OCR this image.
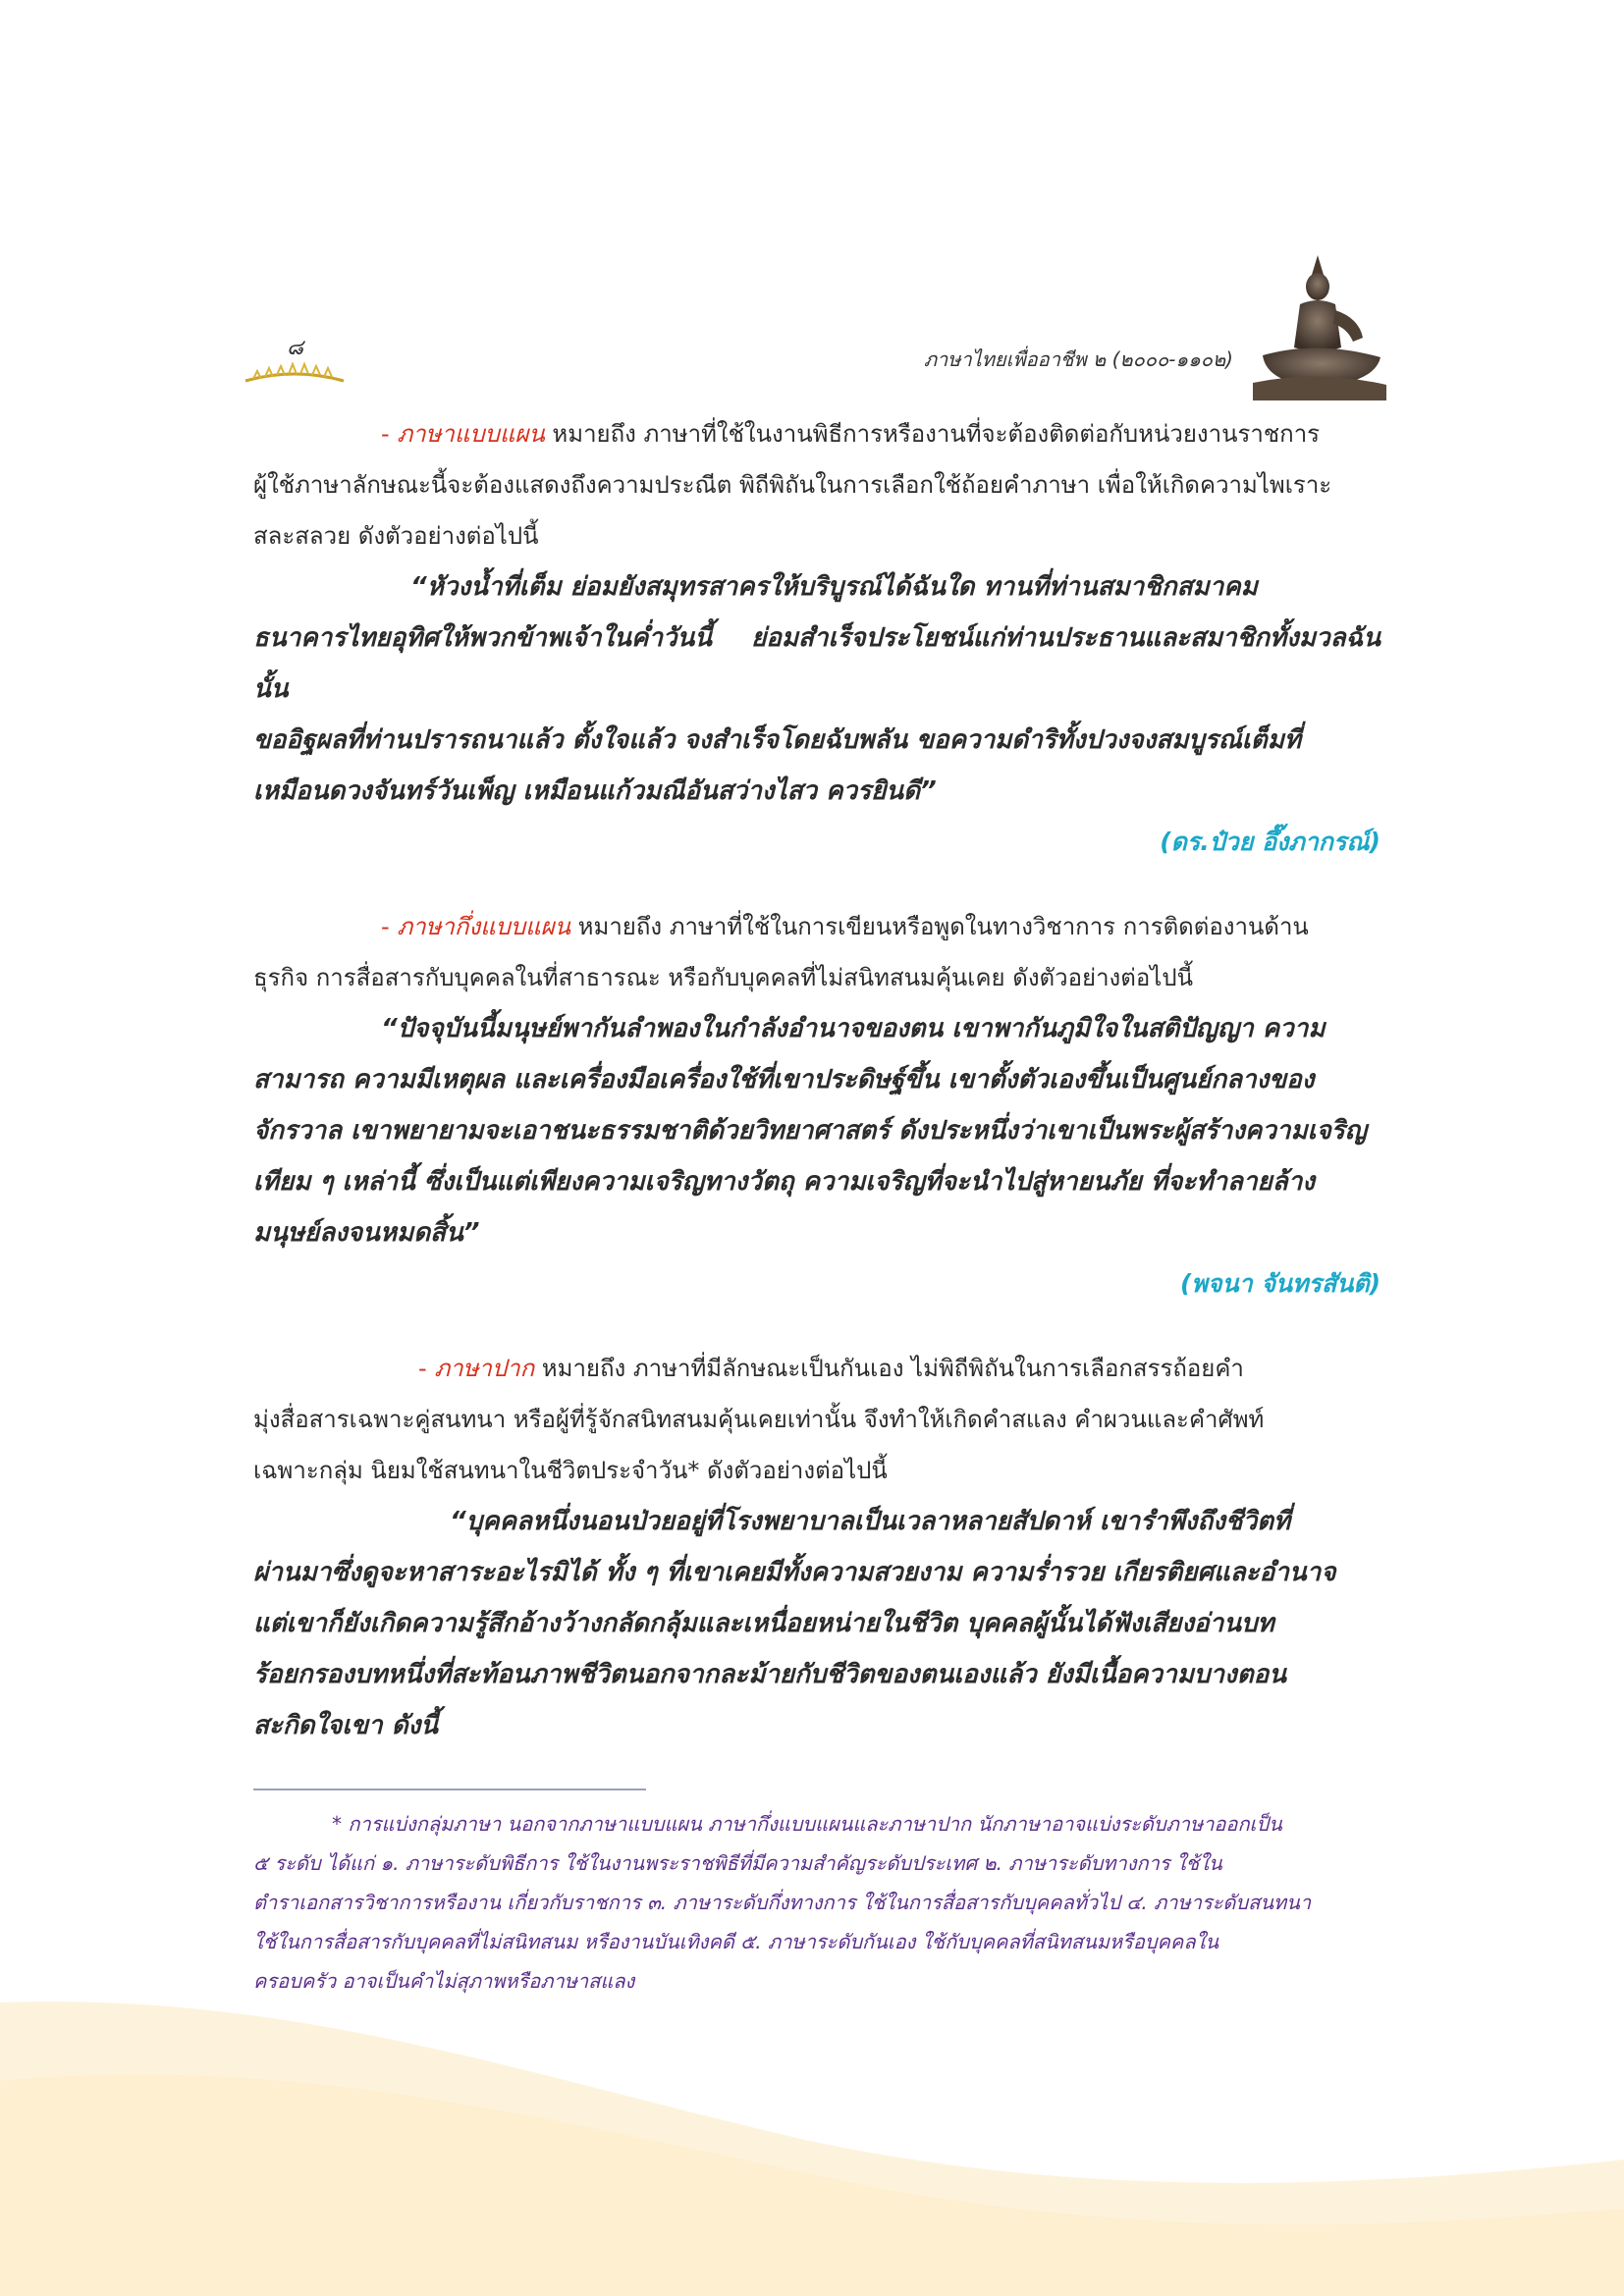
๘	ภาษาไทยเพื่ออาชีพ ๒ (๒๐๐๐-๑๑๐๒)

- ภาษาแบบแผน หมายถึง ภาษาที่ใช้ในงานพิธีการหรืองานที่จะต้องติดต่อกับหน่วยงานราชการ

ผู้ใช้ภาษาลักษณะนี้จะต้องแสดงถึงความประณีต พิถีพิถันในการเลือกใช้ถ้อยคำภาษา เพื่อให้เกิดความไพเราะ

สละสลวย ดังตัวอย่างต่อไปนี้

“หัวงน้ำที่เต็ม ย่อมยังสมุทรสาครให้บริบูรณ์ได้ฉันใด ทานที่ท่านสมาชิกสมาคม

ธนาคารไทยอุทิศให้พวกข้าพเจ้าในค่ำวันนี้ ย่อมสำเร็จประโยชน์แก่ท่านประธานและสมาชิกทั้งมวลฉันนั้น

ขออิฐผลที่ท่านปรารถนาแล้ว ตั้งใจแล้ว จงสำเร็จโดยฉับพลัน ขอความดำริทั้งปวงจงสมบูรณ์เต็มที่

เหมือนดวงจันทร์วันเพ็ญ เหมือนแก้วมณีอันสว่างไสว ควรยินดี”

(ดร.ป๋วย อึ๊งภากรณ์)

- ภาษากึ่งแบบแผน หมายถึง ภาษาที่ใช้ในการเขียนหรือพูดในทางวิชาการ การติดต่องานด้าน

ธุรกิจ การสื่อสารกับบุคคลในที่สาธารณะ หรือกับบุคคลที่ไม่สนิทสนมคุ้นเคย ดังตัวอย่างต่อไปนี้

“ปัจจุบันนี้มนุษย์พากันลำพองในกำลังอำนาจของตน เขาพากันภูมิใจในสติปัญญา ความ

สามารถ ความมีเหตุผล และเครื่องมือเครื่องใช้ที่เขาประดิษฐ์ขึ้น เขาตั้งตัวเองขึ้นเป็นศูนย์กลางของ

จักรวาล เขาพยายามจะเอาชนะธรรมชาติด้วยวิทยาศาสตร์ ดังประหนึ่งว่าเขาเป็นพระผู้สร้างความเจริญ

เทียม ๆ เหล่านี้ ซึ่งเป็นแต่เพียงความเจริญทางวัตถุ ความเจริญที่จะนำไปสู่หายนภัย ที่จะทำลายล้าง

มนุษย์ลงจนหมดสิ้น”

(พจนา จันทรสันติ)

- ภาษาปาก หมายถึง ภาษาที่มีลักษณะเป็นกันเอง ไม่พิถีพิถันในการเลือกสรรถ้อยคำ

มุ่งสื่อสารเฉพาะคู่สนทนา หรือผู้ที่รู้จักสนิทสนมคุ้นเคยเท่านั้น จึงทำให้เกิดคำสแลง คำผวนและคำศัพท์

เฉพาะกลุ่ม นิยมใช้สนทนาในชีวิตประจำวัน* ดังตัวอย่างต่อไปนี้

“บุคคลหนึ่งนอนป่วยอยู่ที่โรงพยาบาลเป็นเวลาหลายสัปดาห์ เขารำพึงถึงชีวิตที่

ผ่านมาซึ่งดูจะหาสาระอะไรมิได้ ทั้ง ๆ ที่เขาเคยมีทั้งความสวยงาม ความร่ำรวย เกียรติยศและอำนาจ

แต่เขาก็ยังเกิดความรู้สึกอ้างว้างกลัดกลุ้มและเหนื่อยหน่ายในชีวิต บุคคลผู้นั้นได้ฟังเสียงอ่านบท

ร้อยกรองบทหนึ่งที่สะท้อนภาพชีวิตนอกจากละม้ายกับชีวิตของตนเองแล้ว ยังมีเนื้อความบางตอน

สะกิดใจเขา ดังนี้

* การแบ่งกลุ่มภาษา นอกจากภาษาแบบแผน ภาษากึ่งแบบแผนและภาษาปาก นักภาษาอาจแบ่งระดับภาษาออกเป็น
๕ ระดับ ได้แก่ ๑. ภาษาระดับพิธีการ ใช้ในงานพระราชพิธีที่มีความสำคัญระดับประเทศ ๒. ภาษาระดับทางการ ใช้ใน
ตำราเอกสารวิชาการหรืองาน เกี่ยวกับราชการ ๓. ภาษาระดับกึ่งทางการ ใช้ในการสื่อสารกับบุคคลทั่วไป ๔. ภาษาระดับสนทนา
ใช้ในการสื่อสารกับบุคคลที่ไม่สนิทสนม หรืองานบันเทิงคดี ๕. ภาษาระดับกันเอง ใช้กับบุคคลที่สนิทสนมหรือบุคคลใน
ครอบครัว อาจเป็นคำไม่สุภาพหรือภาษาสแลง
